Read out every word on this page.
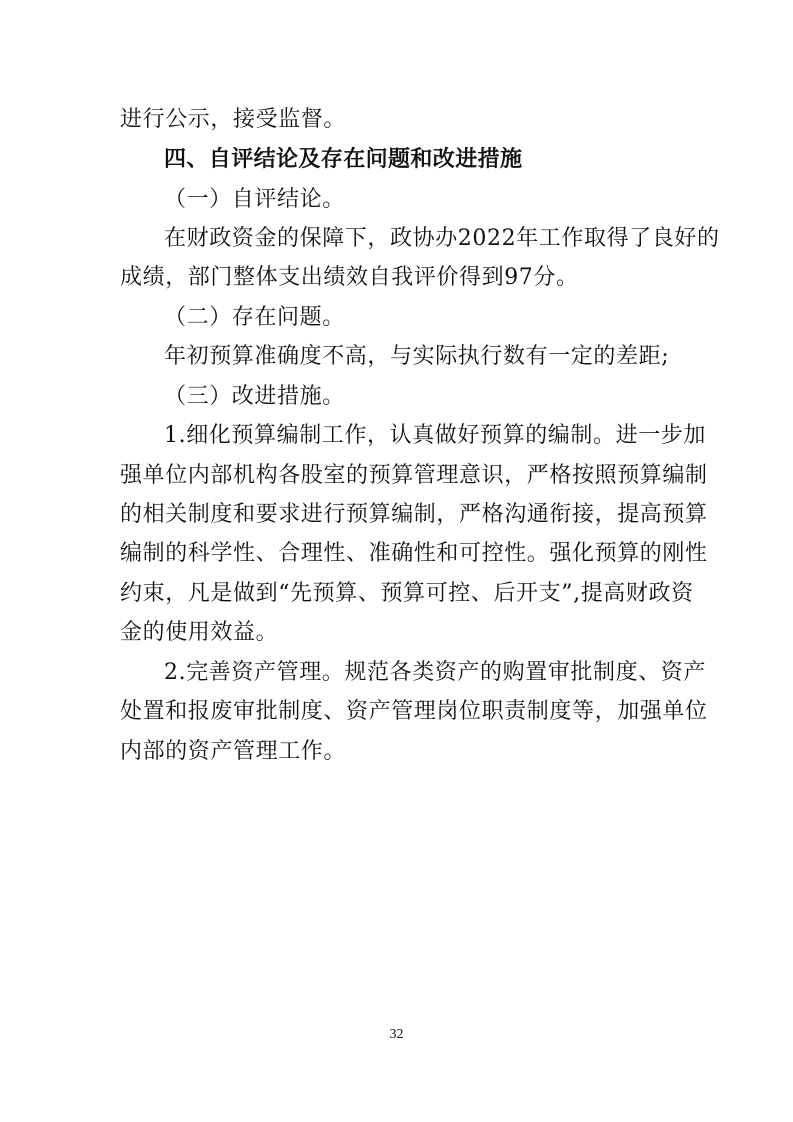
进行公示，接受监督。
四、自评结论及存在问题和改进措施
（一）自评结论。
在财政资金的保障下，政协办2022年工作取得了良好的
成绩，部门整体支出绩效自我评价得到97分。
（二）存在问题。
年初预算准确度不高，与实际执行数有一定的差距;
（三）改进措施。
1.细化预算编制工作，认真做好预算的编制。进一步加
强单位内部机构各股室的预算管理意识，严格按照预算编制
的相关制度和要求进行预算编制，严格沟通衔接，提高预算
编制的科学性、合理性、准确性和可控性。强化预算的刚性
约束，凡是做到“先预算、预算可控、后开支”,提高财政资
金的使用效益。
2.完善资产管理。规范各类资产的购置审批制度、资产
处置和报废审批制度、资产管理岗位职责制度等，加强单位
内部的资产管理工作。
32
